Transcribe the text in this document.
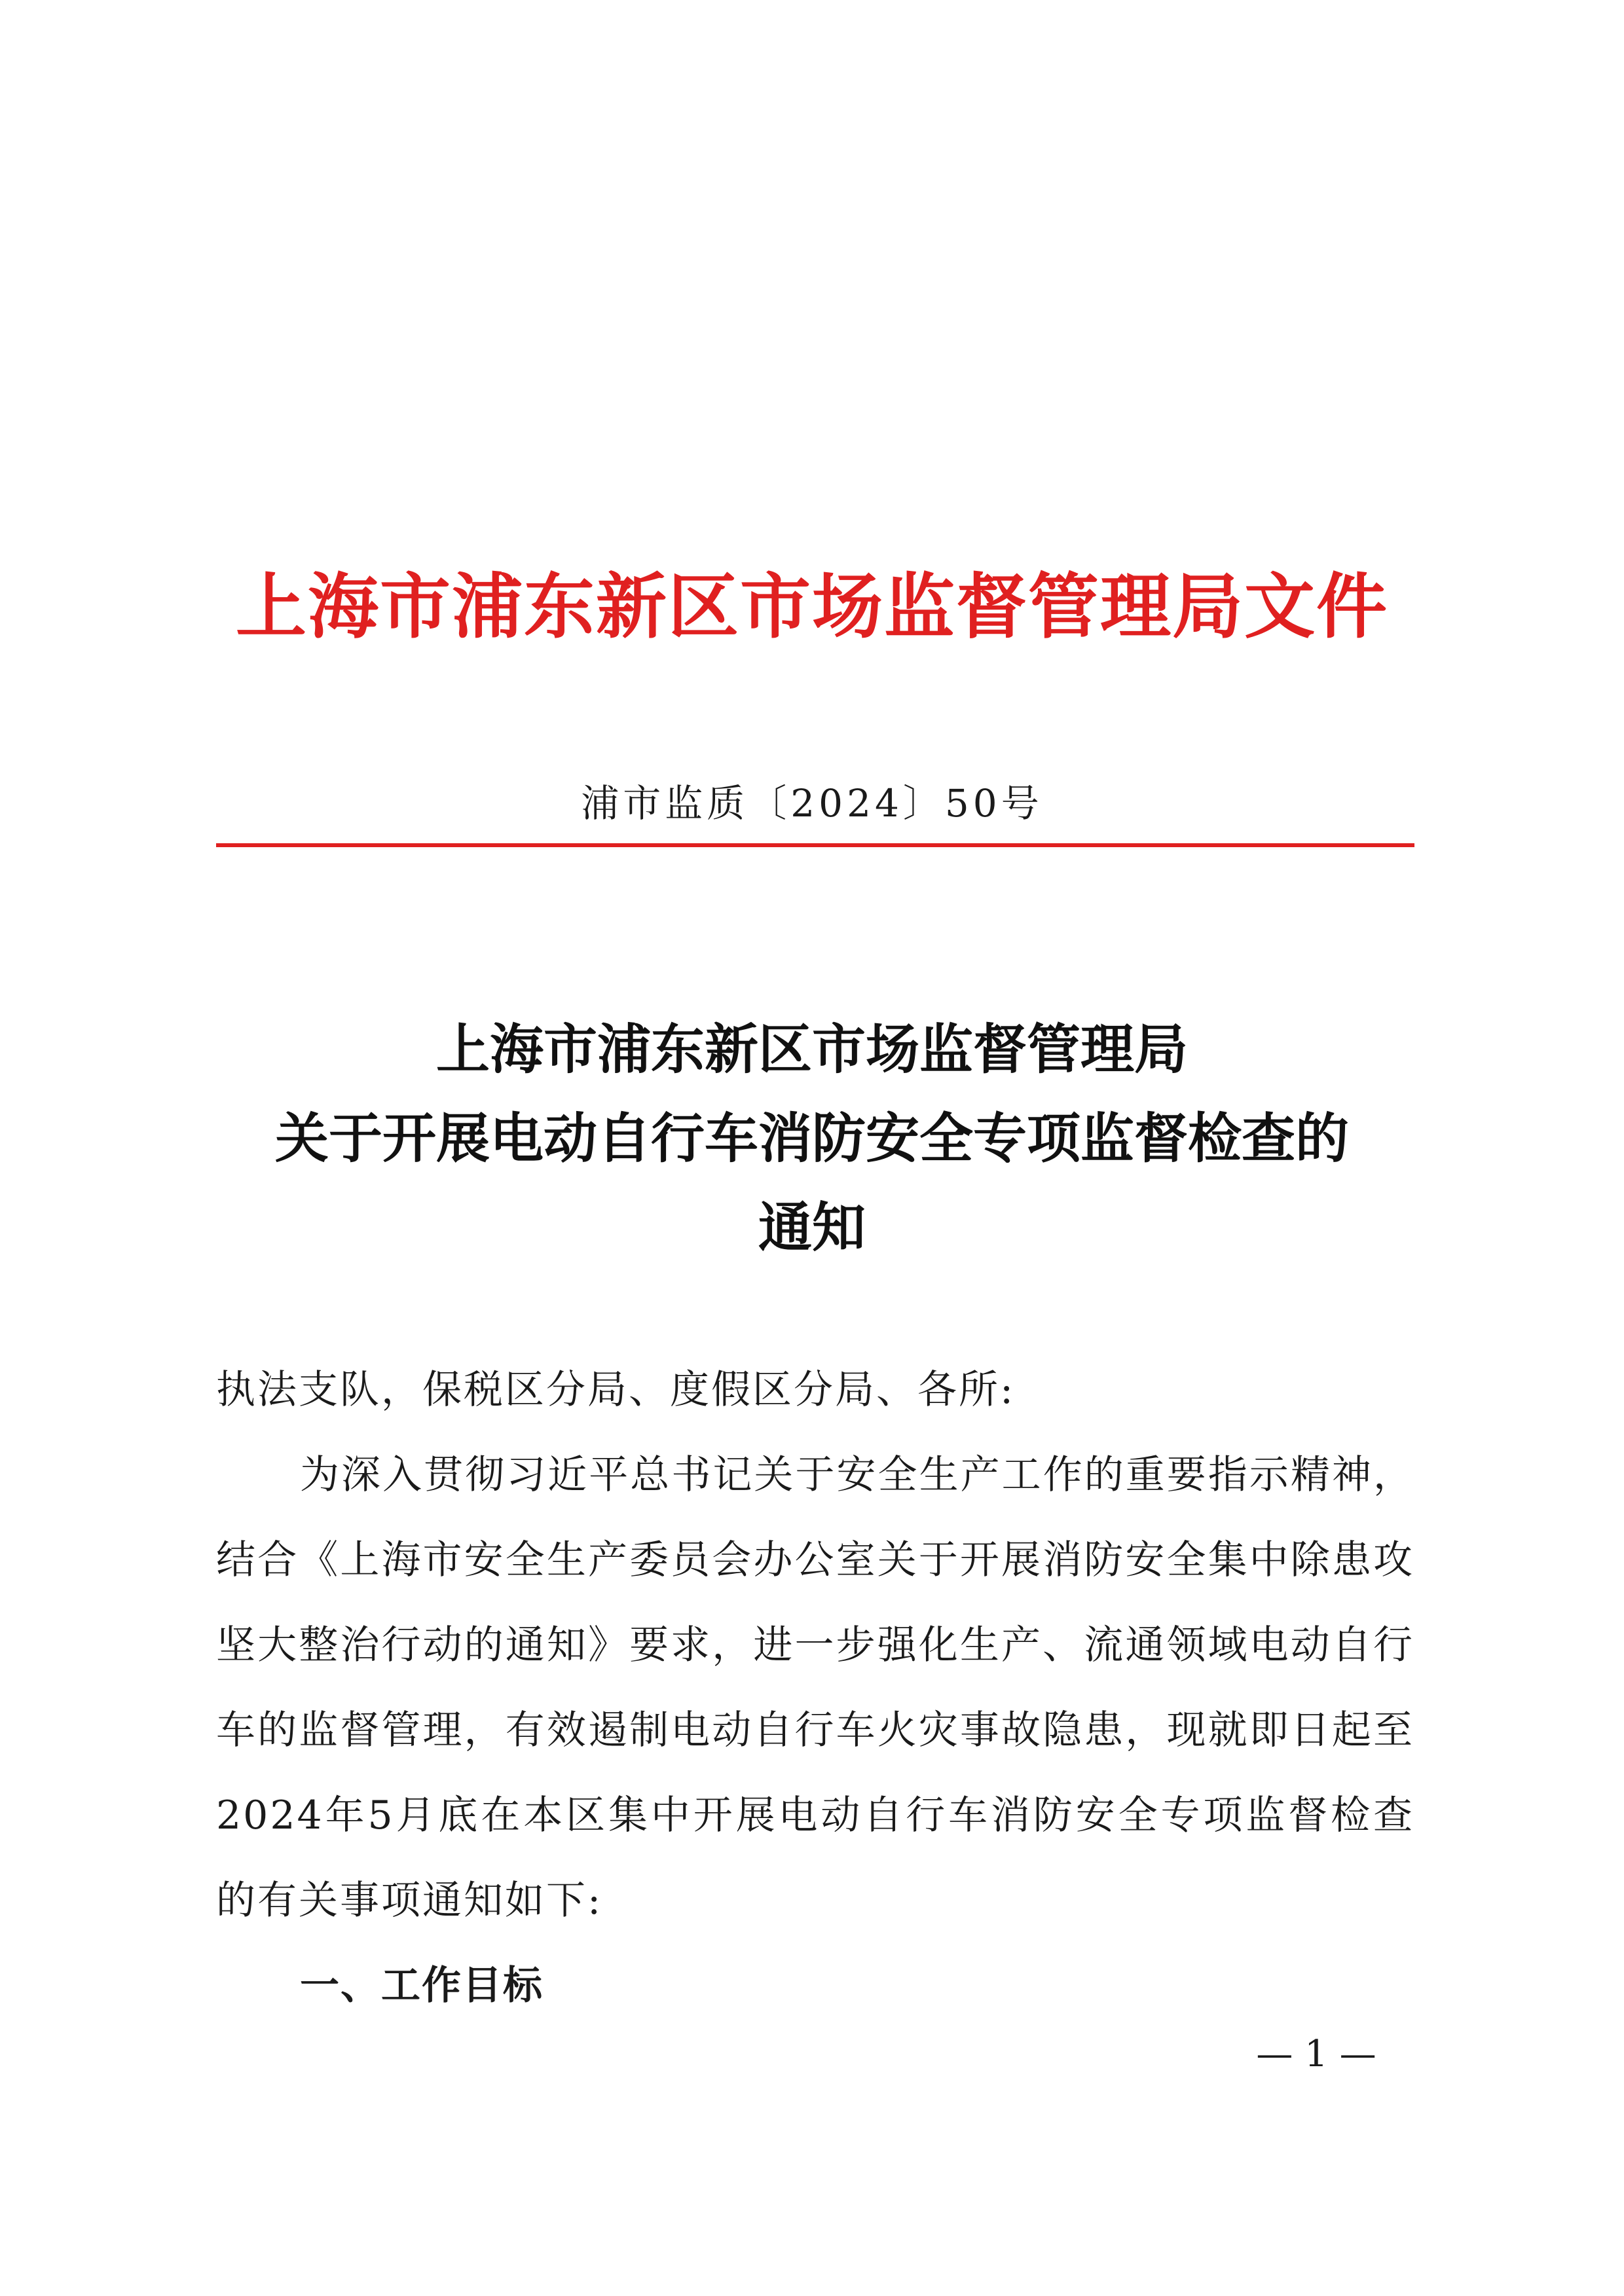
上海市浦东新区市场监督管理局文件
浦市监质〔2024〕50号
上海市浦东新区市场监督管理局
关于开展电动自行车消防安全专项监督检查的
通知

执法支队，保税区分局、度假区分局、各所:

为深入贯彻习近平总书记关于安全生产工作的重要指示精神，结合《上海市安全生产委员会办公室关于开展消防安全集中除患攻坚大整治行动的通知》要求，进一步强化生产、流通领域电动自行车的监督管理，有效遏制电动自行车火灾事故隐患，现就即日起至2024年5月底在本区集中开展电动自行车消防安全专项监督检查的有关事项通知如下:

一、工作目标

— 1 —
